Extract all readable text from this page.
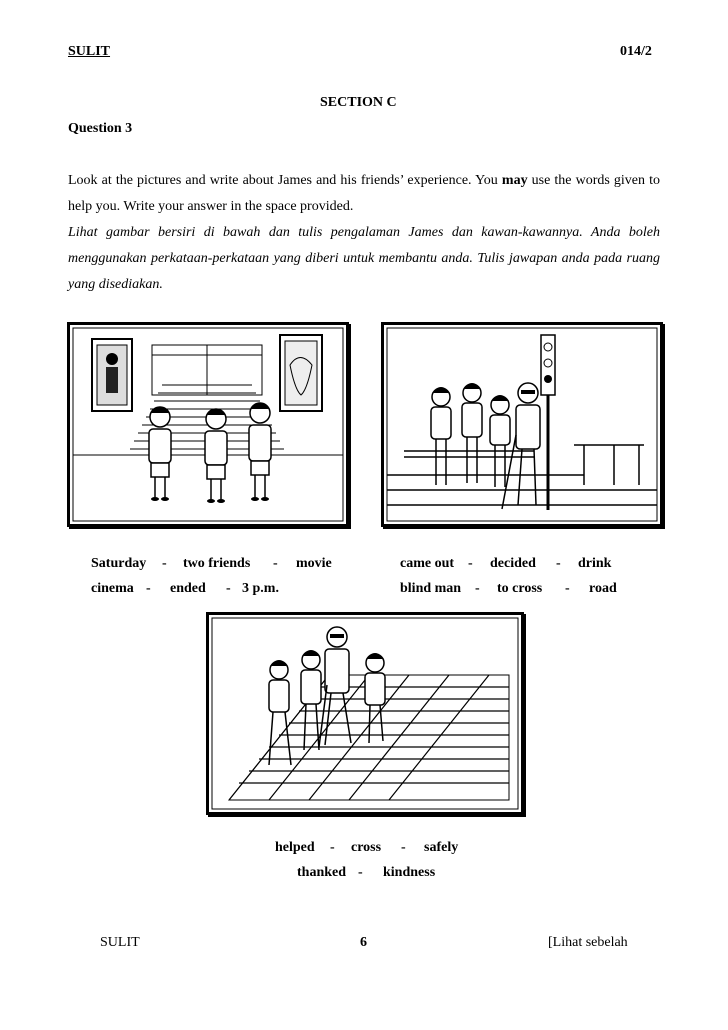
SULIT	014/2
SECTION C
Question 3
Look at the pictures and write about James and his friends’ experience. You may use the words given to help you. Write your answer in the space provided.
Lihat gambar bersiri di bawah dan tulis pengalaman James dan kawan-kawannya. Anda boleh menggunakan perkataan-perkataan yang diberi untuk membantu anda. Tulis jawapan anda pada ruang yang disediakan.

Saturday - two friends - movie

cinema - ended - 3 p.m.

came out - decided - drink

blind man - to cross - road

helped - cross - safely

thanked - kindness

SULIT	6	[Lihat sebelah
